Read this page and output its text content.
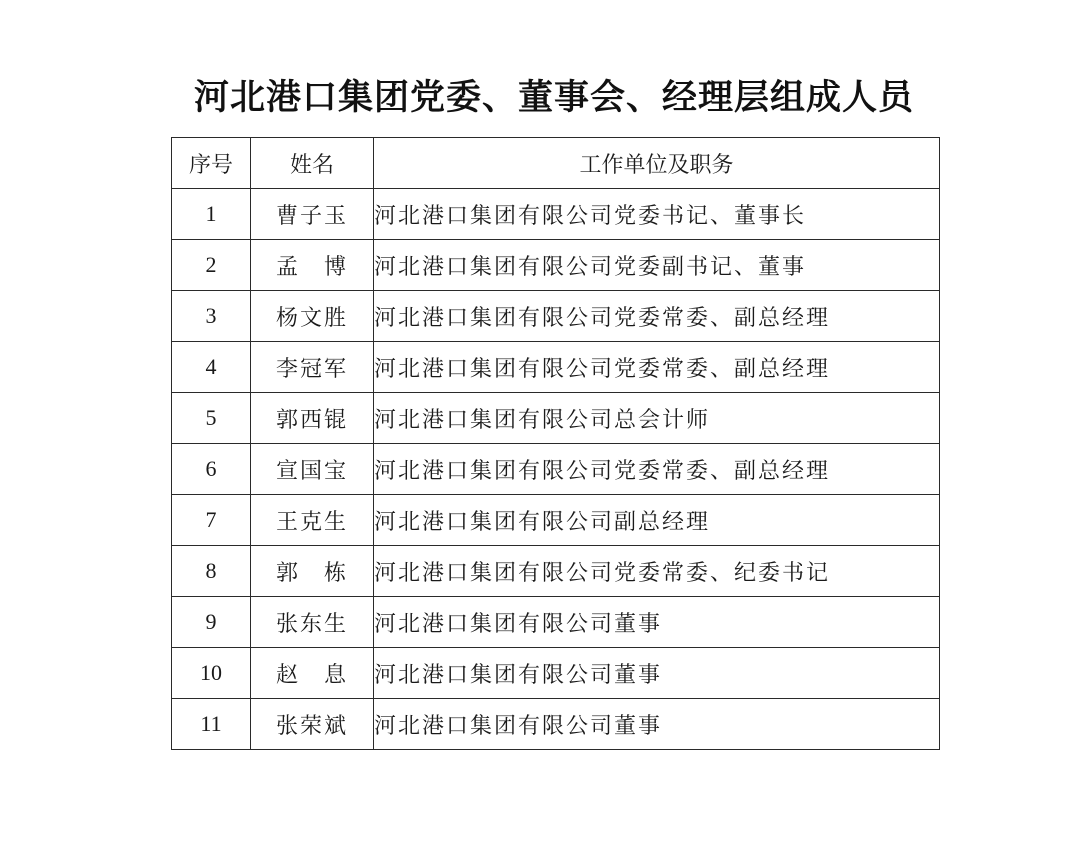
河北港口集团党委、董事会、经理层组成人员
序号	姓名	工作单位及职务
1	曹子玉	河北港口集团有限公司党委书记、董事长
2	孟　博	河北港口集团有限公司党委副书记、董事
3	杨文胜	河北港口集团有限公司党委常委、副总经理
4	李冠军	河北港口集团有限公司党委常委、副总经理
5	郭西锟	河北港口集团有限公司总会计师
6	宣国宝	河北港口集团有限公司党委常委、副总经理
7	王克生	河北港口集团有限公司副总经理
8	郭　栋	河北港口集团有限公司党委常委、纪委书记
9	张东生	河北港口集团有限公司董事
10	赵　息	河北港口集团有限公司董事
11	张荣斌	河北港口集团有限公司董事
